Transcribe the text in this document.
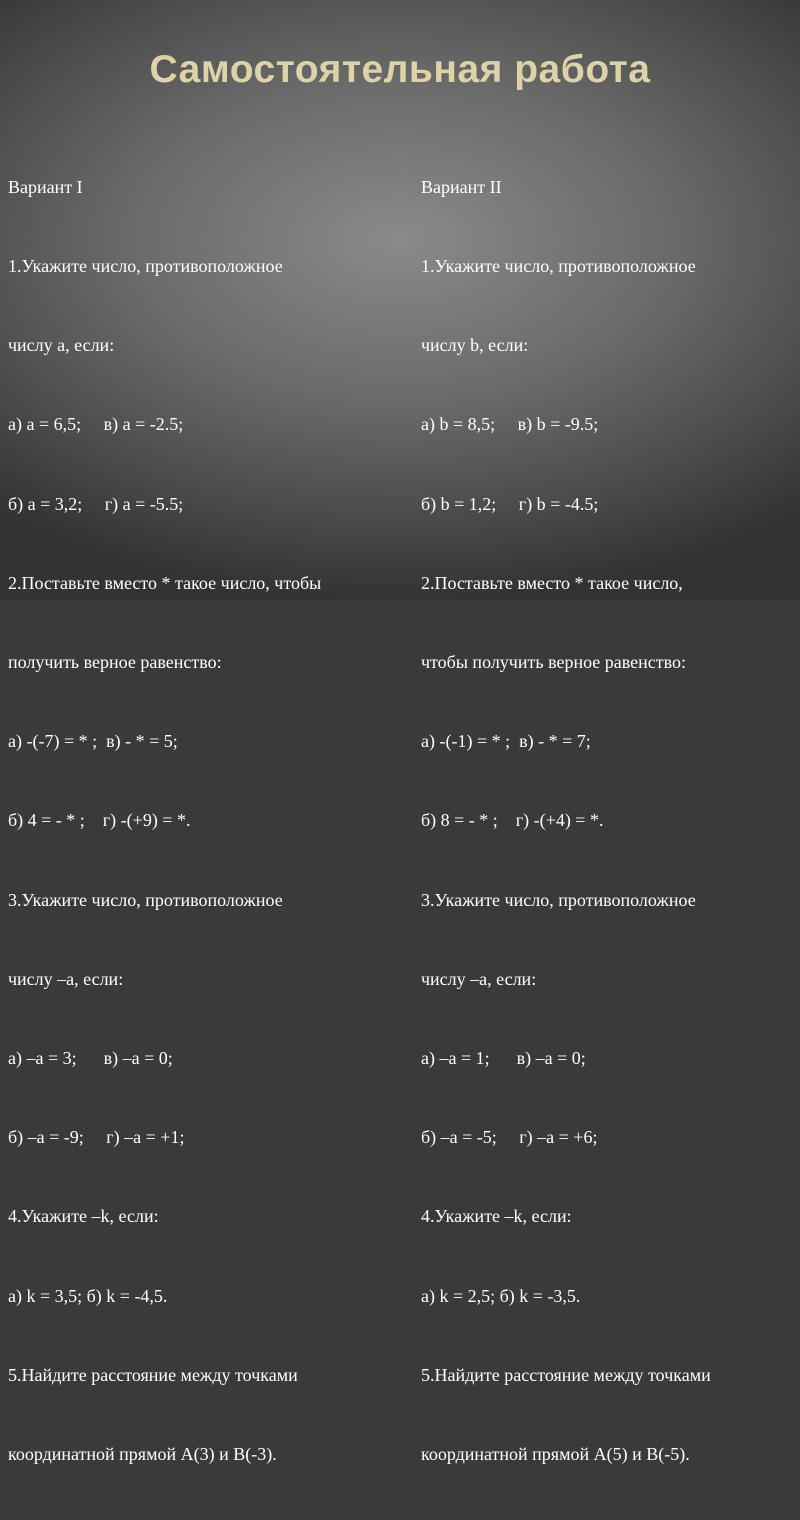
Самостоятельная работа

Вариант I

1.Укажите число, противоположное

числу а, если:

а) а = 6,5;     в) а = -2.5;

б) а = 3,2;     г) а = -5.5;

2.Поставьте вместо * такое число, чтобы

получить верное равенство:

а) -(-7) = * ;  в) - * = 5;

б) 4 = - * ;    г) -(+9) = *.

3.Укажите число, противоположное

числу –а, если:

а) –а = 3;      в) –а = 0;

б) –а = -9;     г) –а = +1;

4.Укажите –k, если:

а) k = 3,5; б) k = -4,5.

5.Найдите расстояние между точками

координатной прямой А(3) и В(-3).

Вариант II

1.Укажите число, противоположное

числу b, если:

а) b = 8,5;     в) b = -9.5;

б) b = 1,2;     г) b = -4.5;

2.Поставьте вместо * такое число,

чтобы получить верное равенство:

а) -(-1) = * ;  в) - * = 7;

б) 8 = - * ;    г) -(+4) = *.

3.Укажите число, противоположное

числу –а, если:

а) –а = 1;      в) –а = 0;

б) –а = -5;     г) –а = +6;

4.Укажите –k, если:

а) k = 2,5; б) k = -3,5.

5.Найдите расстояние между точками

координатной прямой А(5) и В(-5).
